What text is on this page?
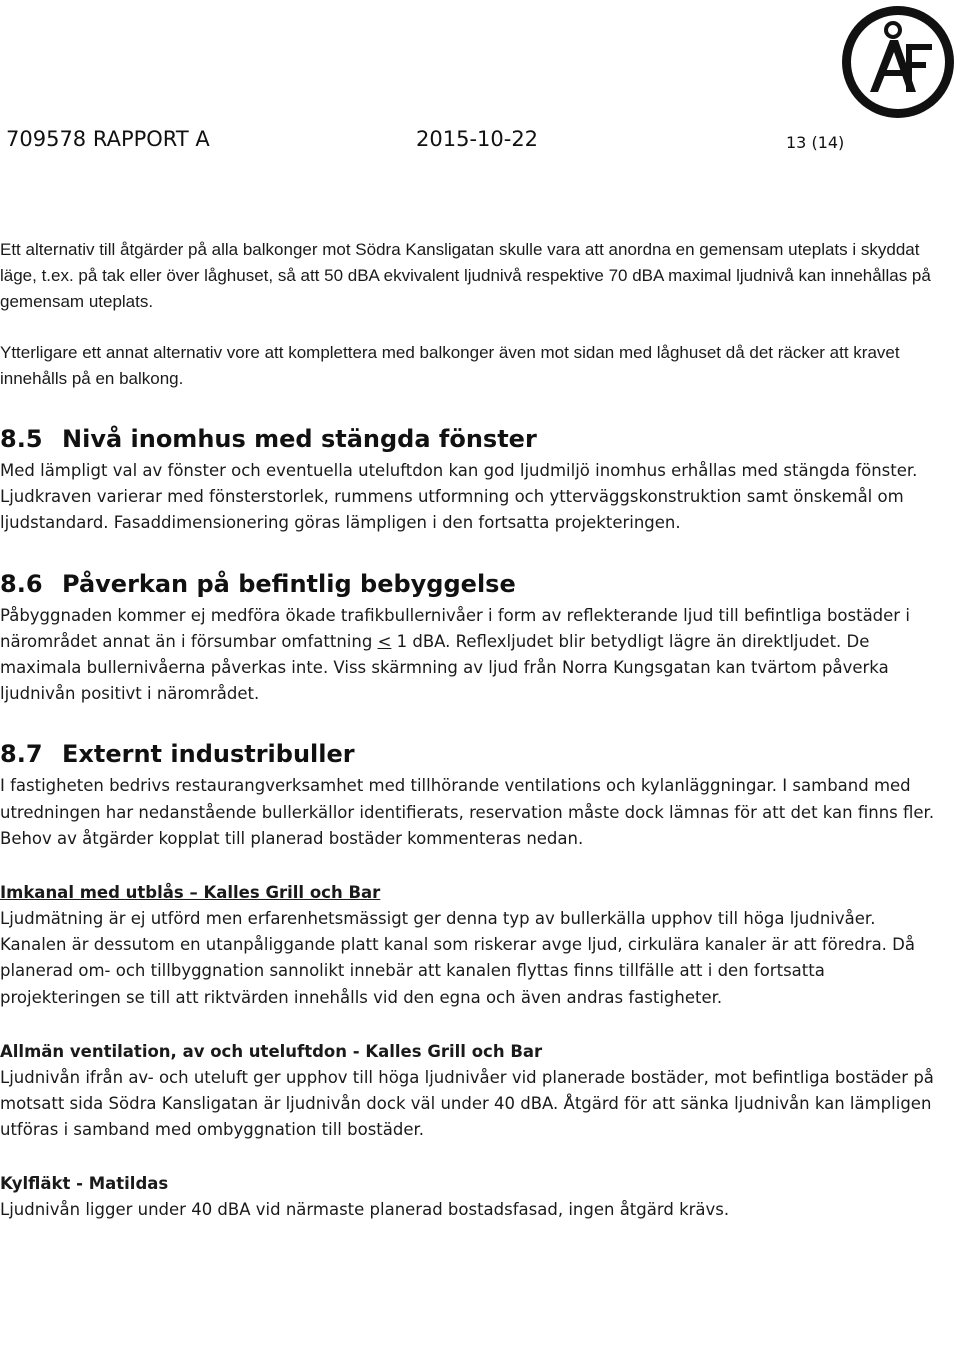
709578 RAPPORT A	2015-10-22	13 (14)

Ett alternativ till åtgärder på alla balkonger mot Södra Kansligatan skulle vara att anordna en gemensam uteplats i skyddat läge, t.ex. på tak eller över låghuset, så att 50 dBA ekvivalent ljudnivå respektive 70 dBA maximal ljudnivå kan innehållas på gemensam uteplats.

Ytterligare ett annat alternativ vore att komplettera med balkonger även mot sidan med låghuset då det räcker att kravet innehålls på en balkong.

8.5 Nivå inomhus med stängda fönster

Med lämpligt val av fönster och eventuella uteluftdon kan god ljudmiljö inomhus erhållas med stängda fönster. Ljudkraven varierar med fönsterstorlek, rummens utformning och ytterväggskonstruktion samt önskemål om ljudstandard. Fasaddimensionering göras lämpligen i den fortsatta projekteringen.

8.6 Påverkan på befintlig bebyggelse

Påbyggnaden kommer ej medföra ökade trafikbullernivåer i form av reflekterande ljud till befintliga bostäder i närområdet annat än i försumbar omfattning < 1 dBA. Reflexljudet blir betydligt lägre än direktljudet. De maximala bullernivåerna påverkas inte. Viss skärmning av ljud från Norra Kungsgatan kan tvärtom påverka ljudnivån positivt i närområdet.

8.7 Externt industribuller

I fastigheten bedrivs restaurangverksamhet med tillhörande ventilations och kylanläggningar. I samband med utredningen har nedanstående bullerkällor identifierats, reservation måste dock lämnas för att det kan finns fler. Behov av åtgärder kopplat till planerad bostäder kommenteras nedan.

Imkanal med utblås – Kalles Grill och Bar

Ljudmätning är ej utförd men erfarenhetsmässigt ger denna typ av bullerkälla upphov till höga ljudnivåer. Kanalen är dessutom en utanpåliggande platt kanal som riskerar avge ljud, cirkulära kanaler är att föredra. Då planerad om- och tillbyggnation sannolikt innebär att kanalen flyttas finns tillfälle att i den fortsatta projekteringen se till att riktvärden innehålls vid den egna och även andras fastigheter.

Allmän ventilation, av och uteluftdon - Kalles Grill och Bar

Ljudnivån ifrån av- och uteluft ger upphov till höga ljudnivåer vid planerade bostäder, mot befintliga bostäder på motsatt sida Södra Kansligatan är ljudnivån dock väl under 40 dBA. Åtgärd för att sänka ljudnivån kan lämpligen utföras i samband med ombyggnation till bostäder.

Kylfläkt - Matildas

Ljudnivån ligger under 40 dBA vid närmaste planerad bostadsfasad, ingen åtgärd krävs.
